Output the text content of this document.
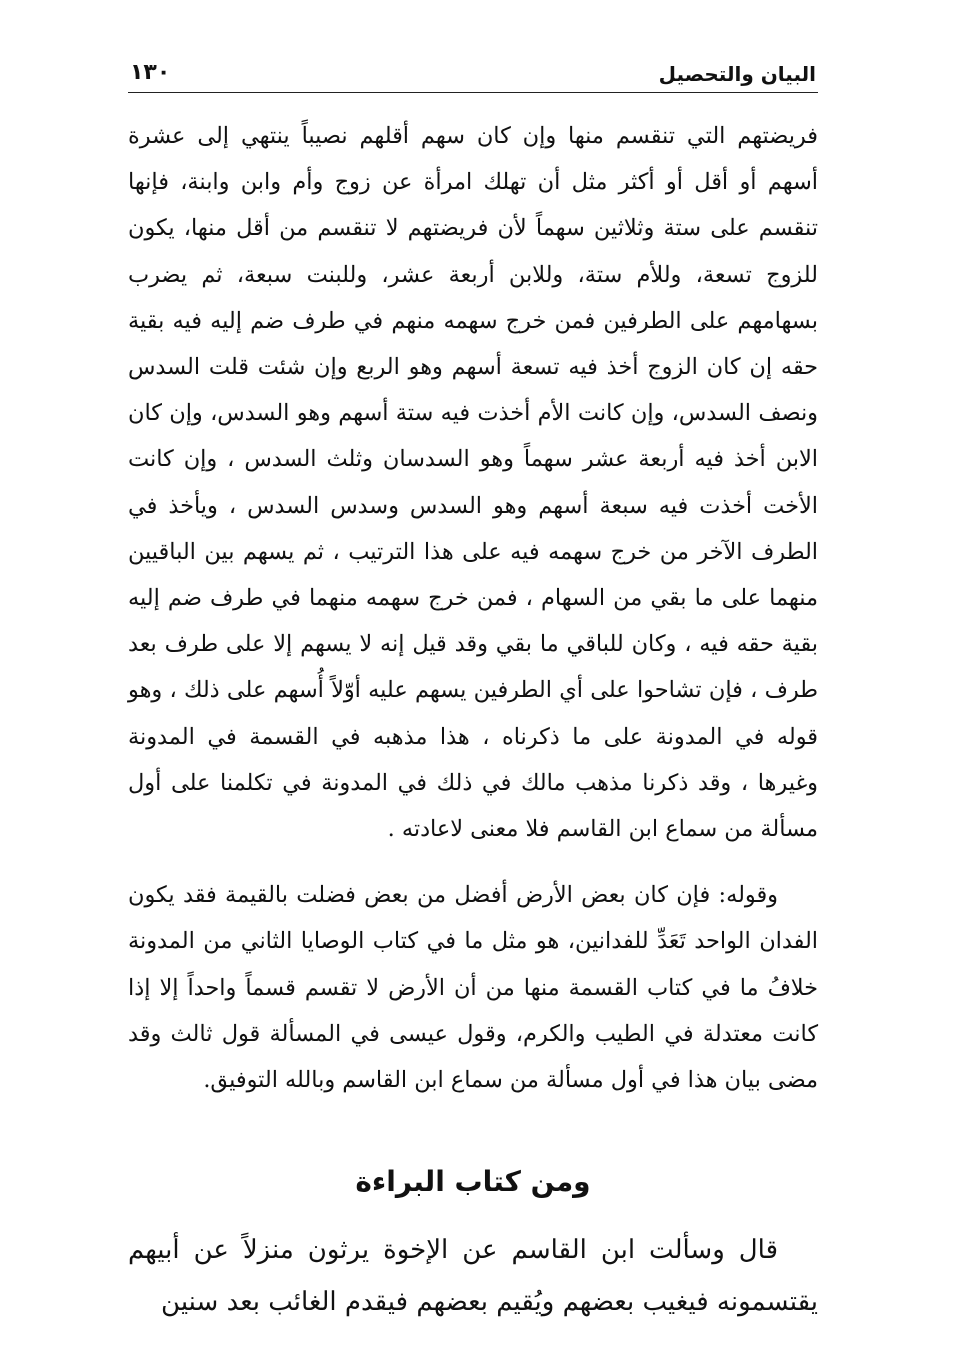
البيان والتحصيل
١٣٠

فريضتهم التي تنقسم منها وإن كان سهم أقلهم نصيباً ينتهي إلى عشرة أسهم أو أقل أو أكثر مثل أن تهلك امرأة عن زوج وأم وابن وابنة، فإنها تنقسم على ستة وثلاثين سهماً لأن فريضتهم لا تنقسم من أقل منها، يكون للزوج تسعة، وللأم ستة، وللابن أربعة عشر، وللبنت سبعة، ثم يضرب بسهامهم على الطرفين فمن خرج سهمه منهم في طرف ضم إليه فيه بقية حقه إن كان الزوج أخذ فيه تسعة أسهم وهو الربع وإن شئت قلت السدس ونصف السدس، وإن كانت الأم أخذت فيه ستة أسهم وهو السدس، وإن كان الابن أخذ فيه أربعة عشر سهماً وهو السدسان وثلث السدس ، وإن كانت الأخت أخذت فيه سبعة أسهم وهو السدس وسدس السدس ، ويأخذ في الطرف الآخر من خرج سهمه فيه على هذا الترتيب ، ثم يسهم بين الباقيين منهما على ما بقي من السهام ، فمن خرج سهمه منهما في طرف ضم إليه بقية حقه فيه ، وكان للباقي ما بقي وقد قيل إنه لا يسهم إلا على طرف بعد طرف ، فإن تشاحوا على أي الطرفين يسهم عليه أوّلاً أُسهم على ذلك ، وهو قوله في المدونة على ما ذكرناه ، هذا مذهبه في القسمة في المدونة وغيرها ، وقد ذكرنا مذهب مالك في ذلك في المدونة في تكلمنا على أول مسألة من سماع ابن القاسم فلا معنى لاعادته .

وقوله: فإن كان بعض الأرض أفضل من بعض فضلت بالقيمة فقد يكون الفدان الواحد تَعَدِّ للفدانين، هو مثل ما في كتاب الوصايا الثاني من المدونة خلافُ ما في كتاب القسمة منها من أن الأرض لا تقسم قسماً واحداً إلا إذا كانت معتدلة في الطيب والكرم، وقول عيسى في المسألة قول ثالث وقد مضى بيان هذا في أول مسألة من سماع ابن القاسم وبالله التوفيق.

ومن كتاب البراءة

قال وسألت ابن القاسم عن الإخوة يرثون منزلاً عن أبيهم يقتسمونه فيغيب بعضهم ويُقيم بعضهم فيقدم الغائب بعد سنين
